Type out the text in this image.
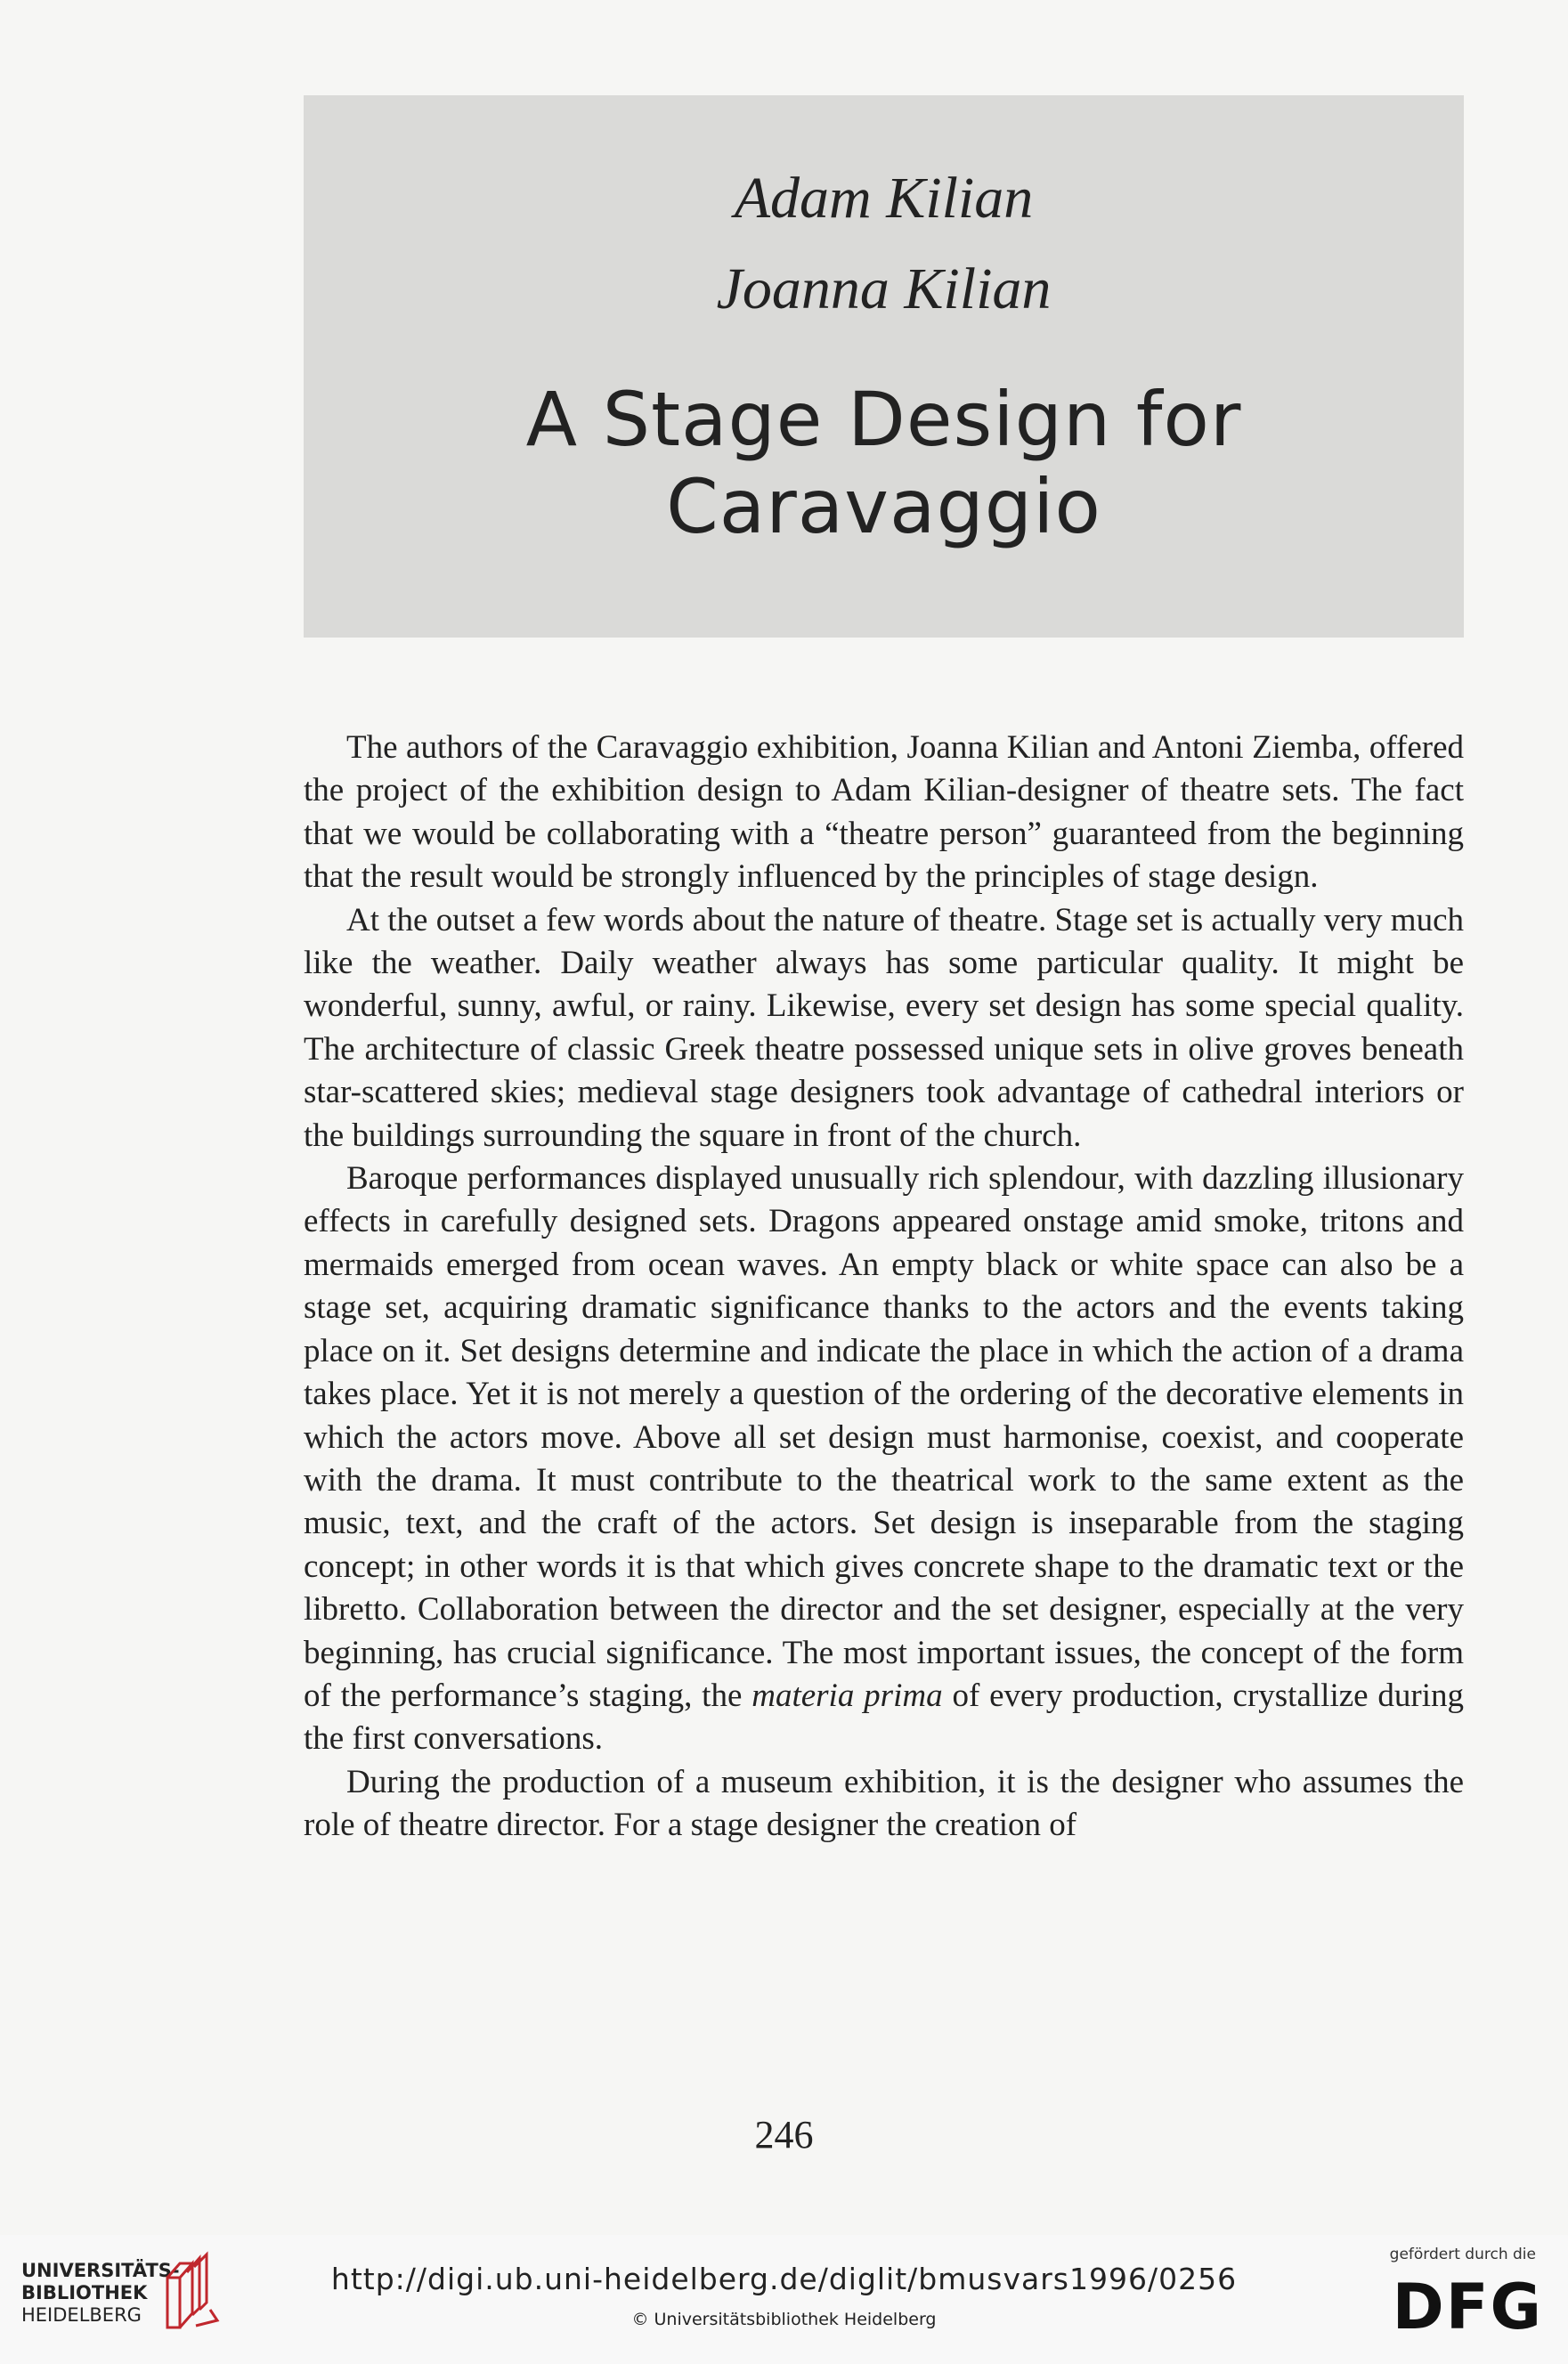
Adam Kilian
Joanna Kilian
A Stage Design for Caravaggio

The authors of the Caravaggio exhibition, Joanna Kilian and Antoni Ziemba, offered the project of the exhibition design to Adam Kilian-designer of theatre sets. The fact that we would be collaborating with a “theatre person” guaranteed from the beginning that the result would be strongly influenced by the principles of stage design.

At the outset a few words about the nature of theatre. Stage set is actually very much like the weather. Daily weather always has some particular quality. It might be wonderful, sunny, awful, or rainy. Likewise, every set design has some special quality. The architecture of classic Greek theatre possessed unique sets in olive groves beneath star-scattered skies; medieval stage designers took advantage of cathedral interiors or the buildings surrounding the square in front of the church.

Baroque performances displayed unusually rich splendour, with dazzling illusionary effects in carefully designed sets. Dragons appeared onstage amid smoke, tritons and mermaids emerged from ocean waves. An empty black or white space can also be a stage set, acquiring dramatic significance thanks to the actors and the events taking place on it. Set designs determine and indicate the place in which the action of a drama takes place. Yet it is not merely a question of the ordering of the decorative elements in which the actors move. Above all set design must harmonise, coexist, and cooperate with the drama. It must contribute to the theatrical work to the same extent as the music, text, and the craft of the actors. Set design is inseparable from the staging concept; in other words it is that which gives concrete shape to the dramatic text or the libretto. Collaboration between the director and the set designer, especially at the very beginning, has crucial significance. The most important issues, the concept of the form of the performance’s staging, the materia prima of every production, crystallize during the first conversations.

During the production of a museum exhibition, it is the designer who assumes the role of theatre director. For a stage designer the creation of

246
UNIVERSITÄTS-
BIBLIOTHEK
HEIDELBERG
http://digi.ub.uni-heidelberg.de/diglit/bmusvars1996/0256
© Universitätsbibliothek Heidelberg
gefördert durch die
DFG
